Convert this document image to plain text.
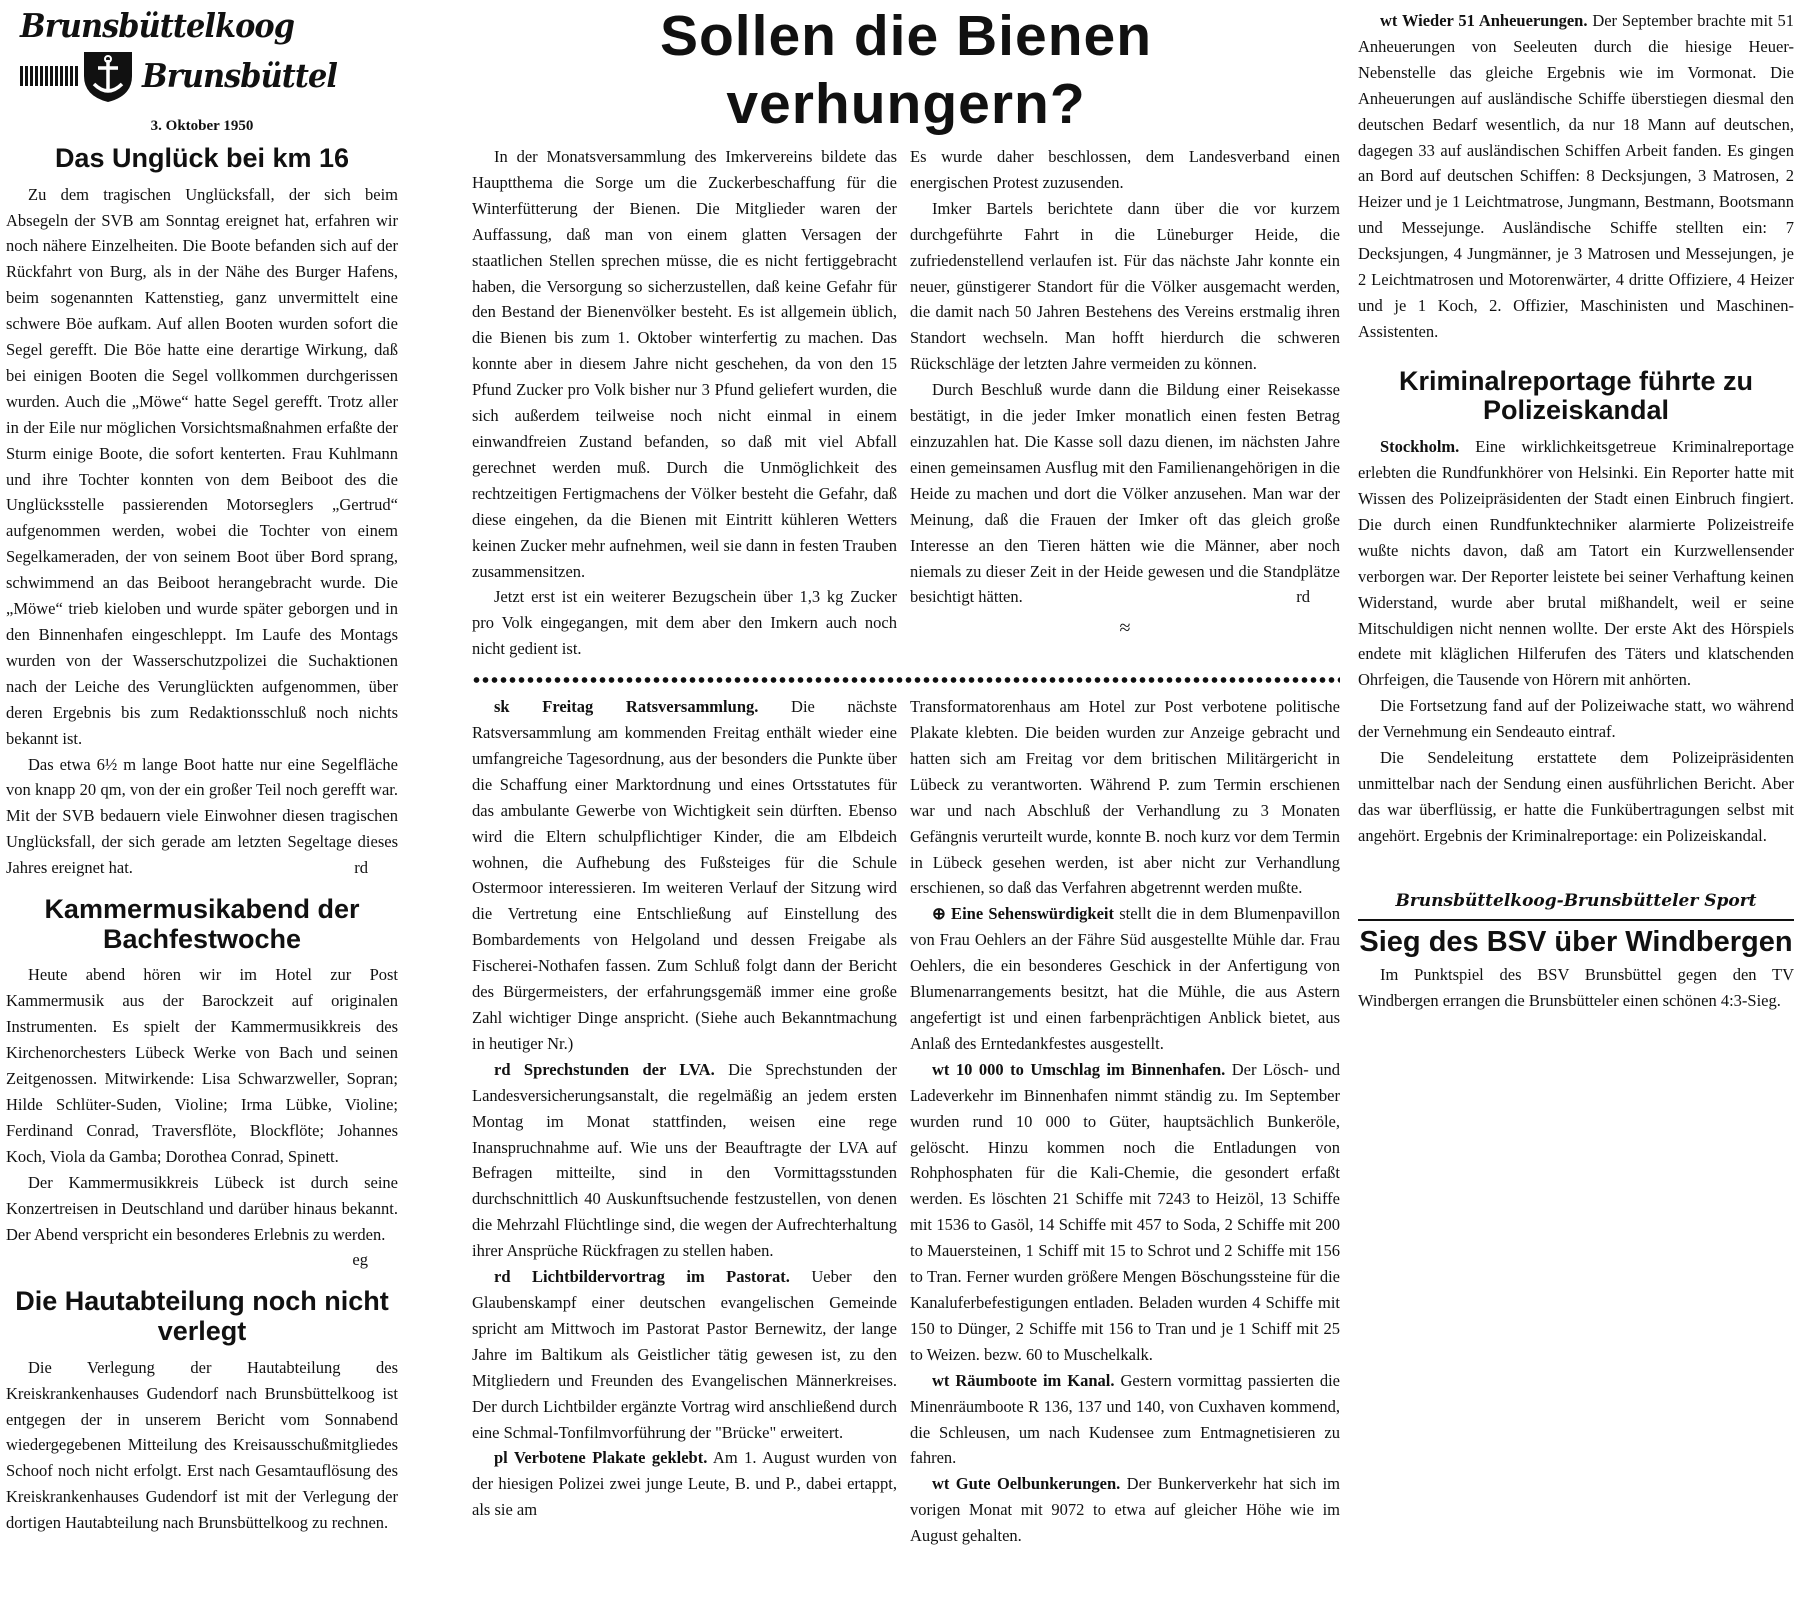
Brunsbüttelkoog
Brunsbüttel
3. Oktober 1950
Das Unglück bei km 16

Zu dem tragischen Unglücksfall, der sich beim Absegeln der SVB am Sonntag ereignet hat, erfahren wir noch nähere Einzelheiten. Die Boote befanden sich auf der Rückfahrt von Burg, als in der Nähe des Burger Hafens, beim sogenannten Kattenstieg, ganz unvermittelt eine schwere Böe aufkam. Auf allen Booten wurden sofort die Segel gerefft. Die Böe hatte eine derartige Wirkung, daß bei einigen Booten die Segel vollkommen durchgerissen wurden. Auch die „Möwe“ hatte Segel gerefft. Trotz aller in der Eile nur möglichen Vorsichtsmaßnahmen erfaßte der Sturm einige Boote, die sofort kenterten. Frau Kuhlmann und ihre Tochter konnten von dem Beiboot des die Unglücksstelle passierenden Motorseglers „Gertrud“ aufgenommen werden, wobei die Tochter von einem Segelkameraden, der von seinem Boot über Bord sprang, schwimmend an das Beiboot herangebracht wurde. Die „Möwe“ trieb kieloben und wurde später geborgen und in den Binnenhafen eingeschleppt. Im Laufe des Montags wurden von der Wasserschutzpolizei die Suchaktionen nach der Leiche des Verunglückten aufgenommen, über deren Ergebnis bis zum Redaktionsschluß noch nichts bekannt ist.

Das etwa 6½ m lange Boot hatte nur eine Segelfläche von knapp 20 qm, von der ein großer Teil noch gerefft war. Mit der SVB bedauern viele Einwohner diesen tragischen Unglücksfall, der sich gerade am letzten Segeltage dieses Jahres ereignet hat.	rd

Kammermusikabend der Bachfestwoche

Heute abend hören wir im Hotel zur Post Kammermusik aus der Barockzeit auf originalen Instrumenten. Es spielt der Kammermusikkreis des Kirchenorchesters Lübeck Werke von Bach und seinen Zeitgenossen. Mitwirkende: Lisa Schwarzweller, Sopran; Hilde Schlüter-Suden, Violine; Irma Lübke, Violine; Ferdinand Conrad, Traversflöte, Blockflöte; Johannes Koch, Viola da Gamba; Dorothea Conrad, Spinett.

Der Kammermusikkreis Lübeck ist durch seine Konzertreisen in Deutschland und darüber hinaus bekannt. Der Abend verspricht ein besonderes Erlebnis zu werden.
eg

Die Hautabteilung noch nicht verlegt

Die Verlegung der Hautabteilung des Kreiskrankenhauses Gudendorf nach Brunsbüttelkoog ist entgegen der in unserem Bericht vom Sonnabend wiedergegebenen Mitteilung des Kreisausschußmitgliedes Schoof noch nicht erfolgt. Erst nach Gesamtauflösung des Kreiskrankenhauses Gudendorf ist mit der Verlegung der dortigen Hautabteilung nach Brunsbüttelkoog zu rechnen.

Sollen die Bienen verhungern?

In der Monatsversammlung des Imkervereins bildete das Hauptthema die Sorge um die Zuckerbeschaffung für die Winterfütterung der Bienen. Die Mitglieder waren der Auffassung, daß man von einem glatten Versagen der staatlichen Stellen sprechen müsse, die es nicht fertiggebracht haben, die Versorgung so sicherzustellen, daß keine Gefahr für den Bestand der Bienenvölker besteht. Es ist allgemein üblich, die Bienen bis zum 1. Oktober winterfertig zu machen. Das konnte aber in diesem Jahre nicht geschehen, da von den 15 Pfund Zucker pro Volk bisher nur 3 Pfund geliefert wurden, die sich außerdem teilweise noch nicht einmal in einem einwandfreien Zustand befanden, so daß mit viel Abfall gerechnet werden muß. Durch die Unmöglichkeit des rechtzeitigen Fertigmachens der Völker besteht die Gefahr, daß diese eingehen, da die Bienen mit Eintritt kühleren Wetters keinen Zucker mehr aufnehmen, weil sie dann in festen Trauben zusammensitzen.

Jetzt erst ist ein weiterer Bezugschein über 1,3 kg Zucker pro Volk eingegangen, mit dem aber den Imkern auch noch nicht gedient ist.

Es wurde daher beschlossen, dem Landesverband einen energischen Protest zuzusenden.

Imker Bartels berichtete dann über die vor kurzem durchgeführte Fahrt in die Lüneburger Heide, die zufriedenstellend verlaufen ist. Für das nächste Jahr konnte ein neuer, günstigerer Standort für die Völker ausgemacht werden, die damit nach 50 Jahren Bestehens des Vereins erstmalig ihren Standort wechseln. Man hofft hierdurch die schweren Rückschläge der letzten Jahre vermeiden zu können.

Durch Beschluß wurde dann die Bildung einer Reisekasse bestätigt, in die jeder Imker monatlich einen festen Betrag einzuzahlen hat. Die Kasse soll dazu dienen, im nächsten Jahre einen gemeinsamen Ausflug mit den Familienangehörigen in die Heide zu machen und dort die Völker anzusehen. Man war der Meinung, daß die Frauen der Imker oft das gleich große Interesse an den Tieren hätten wie die Männer, aber noch niemals zu dieser Zeit in der Heide gewesen und die Standplätze besichtigt hätten.	rd

≈

sk Freitag Ratsversammlung. Die nächste Ratsversammlung am kommenden Freitag enthält wieder eine umfangreiche Tagesordnung, aus der besonders die Punkte über die Schaffung einer Marktordnung und eines Ortsstatutes für das ambulante Gewerbe von Wichtigkeit sein dürften. Ebenso wird die Eltern schulpflichtiger Kinder, die am Elbdeich wohnen, die Aufhebung des Fußsteiges für die Schule Ostermoor interessieren. Im weiteren Verlauf der Sitzung wird die Vertretung eine Entschließung auf Einstellung des Bombardements von Helgoland und dessen Freigabe als Fischerei-Nothafen fassen. Zum Schluß folgt dann der Bericht des Bürgermeisters, der erfahrungsgemäß immer eine große Zahl wichtiger Dinge anspricht. (Siehe auch Bekanntmachung in heutiger Nr.)

rd Sprechstunden der LVA. Die Sprechstunden der Landesversicherungsanstalt, die regelmäßig an jedem ersten Montag im Monat stattfinden, weisen eine rege Inanspruchnahme auf. Wie uns der Beauftragte der LVA auf Befragen mitteilte, sind in den Vormittagsstunden durchschnittlich 40 Auskunftsuchende festzustellen, von denen die Mehrzahl Flüchtlinge sind, die wegen der Aufrechterhaltung ihrer Ansprüche Rückfragen zu stellen haben.

rd Lichtbildervortrag im Pastorat. Ueber den Glaubenskampf einer deutschen evangelischen Gemeinde spricht am Mittwoch im Pastorat Pastor Bernewitz, der lange Jahre im Baltikum als Geistlicher tätig gewesen ist, zu den Mitgliedern und Freunden des Evangelischen Männerkreises. Der durch Lichtbilder ergänzte Vortrag wird anschließend durch eine Schmal-Tonfilmvorführung der "Brücke" erweitert.

pl Verbotene Plakate geklebt. Am 1. August wurden von der hiesigen Polizei zwei junge Leute, B. und P., dabei ertappt, als sie am

Transformatorenhaus am Hotel zur Post verbotene politische Plakate klebten. Die beiden wurden zur Anzeige gebracht und hatten sich am Freitag vor dem britischen Militärgericht in Lübeck zu verantworten. Während P. zum Termin erschienen war und nach Abschluß der Verhandlung zu 3 Monaten Gefängnis verurteilt wurde, konnte B. noch kurz vor dem Termin in Lübeck gesehen werden, ist aber nicht zur Verhandlung erschienen, so daß das Verfahren abgetrennt werden mußte.

⊕ Eine Sehenswürdigkeit stellt die in dem Blumenpavillon von Frau Oehlers an der Fähre Süd ausgestellte Mühle dar. Frau Oehlers, die ein besonderes Geschick in der Anfertigung von Blumenarrangements besitzt, hat die Mühle, die aus Astern angefertigt ist und einen farbenprächtigen Anblick bietet, aus Anlaß des Erntedankfestes ausgestellt.

wt 10 000 to Umschlag im Binnenhafen. Der Lösch- und Ladeverkehr im Binnenhafen nimmt ständig zu. Im September wurden rund 10 000 to Güter, hauptsächlich Bunkeröle, gelöscht. Hinzu kommen noch die Entladungen von Rohphosphaten für die Kali-Chemie, die gesondert erfaßt werden. Es löschten 21 Schiffe mit 7243 to Heizöl, 13 Schiffe mit 1536 to Gasöl, 14 Schiffe mit 457 to Soda, 2 Schiffe mit 200 to Mauersteinen, 1 Schiff mit 15 to Schrot und 2 Schiffe mit 156 to Tran. Ferner wurden größere Mengen Böschungssteine für die Kanaluferbefestigungen entladen. Beladen wurden 4 Schiffe mit 150 to Dünger, 2 Schiffe mit 156 to Tran und je 1 Schiff mit 25 to Weizen. bezw. 60 to Muschelkalk.

wt Räumboote im Kanal. Gestern vormittag passierten die Minenräumboote R 136, 137 und 140, von Cuxhaven kommend, die Schleusen, um nach Kudensee zum Entmagnetisieren zu fahren.

wt Gute Oelbunkerungen. Der Bunkerverkehr hat sich im vorigen Monat mit 9072 to etwa auf gleicher Höhe wie im August gehalten.

wt Wieder 51 Anheuerungen. Der September brachte mit 51 Anheuerungen von Seeleuten durch die hiesige Heuer-Nebenstelle das gleiche Ergebnis wie im Vormonat. Die Anheuerungen auf ausländische Schiffe überstiegen diesmal den deutschen Bedarf wesentlich, da nur 18 Mann auf deutschen, dagegen 33 auf ausländischen Schiffen Arbeit fanden. Es gingen an Bord auf deutschen Schiffen: 8 Decksjungen, 3 Matrosen, 2 Heizer und je 1 Leichtmatrose, Jungmann, Bestmann, Bootsmann und Messejunge. Ausländische Schiffe stellten ein: 7 Decksjungen, 4 Jungmänner, je 3 Matrosen und Messejungen, je 2 Leichtmatrosen und Motorenwärter, 4 dritte Offiziere, 4 Heizer und je 1 Koch, 2. Offizier, Maschinisten und Maschinen-Assistenten.

Kriminalreportage führte zu Polizeiskandal

Stockholm. Eine wirklichkeitsgetreue Kriminalreportage erlebten die Rundfunkhörer von Helsinki. Ein Reporter hatte mit Wissen des Polizeipräsidenten der Stadt einen Einbruch fingiert. Die durch einen Rundfunktechniker alarmierte Polizeistreife wußte nichts davon, daß am Tatort ein Kurzwellensender verborgen war. Der Reporter leistete bei seiner Verhaftung keinen Widerstand, wurde aber brutal mißhandelt, weil er seine Mitschuldigen nicht nennen wollte. Der erste Akt des Hörspiels endete mit kläglichen Hilferufen des Täters und klatschenden Ohrfeigen, die Tausende von Hörern mit anhörten.

Die Fortsetzung fand auf der Polizeiwache statt, wo während der Vernehmung ein Sendeauto eintraf.

Die Sendeleitung erstattete dem Polizeipräsidenten unmittelbar nach der Sendung einen ausführlichen Bericht. Aber das war überflüssig, er hatte die Funkübertragungen selbst mit angehört. Ergebnis der Kriminalreportage: ein Polizeiskandal.

Brunsbüttelkoog-Brunsbütteler Sport
Sieg des BSV über Windbergen

Im Punktspiel des BSV Brunsbüttel gegen den TV Windbergen errangen die Brunsbütteler einen schönen 4:3-Sieg.
